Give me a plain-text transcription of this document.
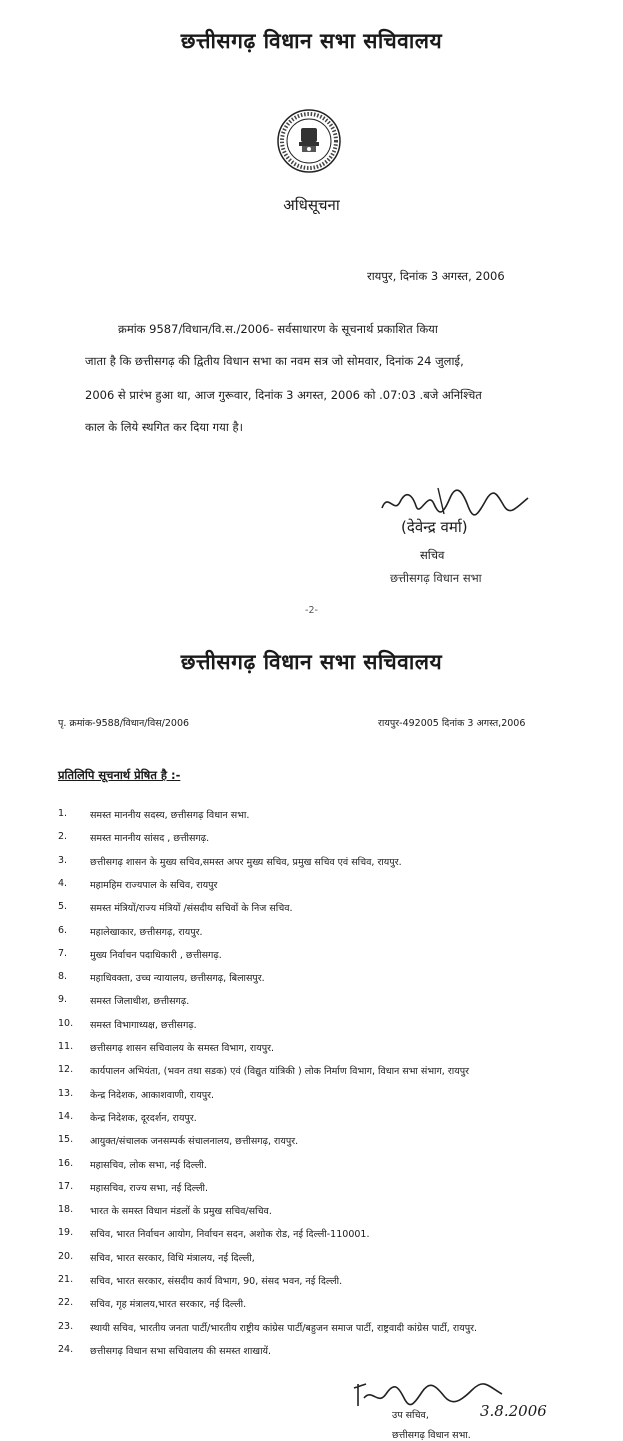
छत्तीसगढ़ विधान सभा सचिवालय
अधिसूचना
रायपुर, दिनांक 3 अगस्त, 2006
क्रमांक 9587/विधान/वि.स./2006- सर्वसाधारण के सूचनार्थ प्रकाशित किया
जाता है कि छत्तीसगढ़ की द्वितीय विधान सभा का नवम सत्र जो सोमवार, दिनांक 24 जुलाई,
2006 से प्रारंभ हुआ था, आज गुरूवार, दिनांक 3 अगस्त, 2006 को .07:03 .बजे अनिश्चित
काल के लिये स्थगित कर दिया गया है।
(देवेन्द्र वर्मा)
सचिव
छत्तीसगढ़ विधान सभा
-2-
छत्तीसगढ़ विधान सभा सचिवालय
पृ. क्रमांक-9588/विधान/विस/2006	रायपुर-492005 दिनांक 3 अगस्त,2006
प्रतिलिपि सूचनार्थ प्रेषित है :-
1. समस्त माननीय सदस्य, छत्तीसगढ़ विधान सभा.
2. समस्त माननीय सांसद , छत्तीसगढ़.
3. छत्तीसगढ़ शासन के मुख्य सचिव,समस्त अपर मुख्य सचिव, प्रमुख सचिव एवं सचिव, रायपुर.
4. महामहिम राज्यपाल के सचिव, रायपुर
5. समस्त मंत्रियों/राज्य मंत्रियों /संसदीय सचिवों के निज सचिव.
6. महालेखाकार, छत्तीसगढ़, रायपुर.
7. मुख्य निर्वाचन पदाधिकारी , छत्तीसगढ़.
8. महाधिवक्ता, उच्च न्यायालय, छत्तीसगढ़, बिलासपुर.
9. समस्त जिलाधीश, छत्तीसगढ़.
10. समस्त विभागाध्यक्ष, छत्तीसगढ़.
11. छत्तीसगढ़ शासन सचिवालय के समस्त विभाग, रायपुर.
12. कार्यपालन अभियंता, (भवन तथा सडक) एवं (विद्युत यांत्रिकी ) लोक निर्माण विभाग, विधान सभा संभाग, रायपुर
13. केन्द्र निदेशक, आकाशवाणी, रायपुर.
14. केन्द्र निदेशक, दूरदर्शन, रायपुर.
15. आयुक्त/संचालक जनसम्पर्क संचालनालय, छत्तीसगढ़, रायपुर.
16. महासचिव, लोक सभा, नई दिल्ली.
17. महासचिव, राज्य सभा, नई दिल्ली.
18. भारत के समस्त विधान मंडलों के प्रमुख सचिव/सचिव.
19. सचिव, भारत निर्वाचन आयोग, निर्वाचन सदन, अशोक रोड, नई दिल्ली-110001.
20. सचिव, भारत सरकार, विधि मंत्रालय, नई दिल्ली,
21. सचिव, भारत सरकार, संसदीय कार्य विभाग, 90, संसद भवन, नई दिल्ली.
22. सचिव, गृह मंत्रालय,भारत सरकार, नई दिल्ली.
23. स्थायी सचिव, भारतीय जनता पार्टी/भारतीय राष्ट्रीय कांग्रेस पार्टी/बहुजन समाज पार्टी, राष्ट्रवादी कांग्रेस पार्टी, रायपुर.
24. छत्तीसगढ़ विधान सभा सचिवालय की समस्त शाखायें.
उप सचिव,	3.8.2006
छत्तीसगढ़ विधान सभा.
